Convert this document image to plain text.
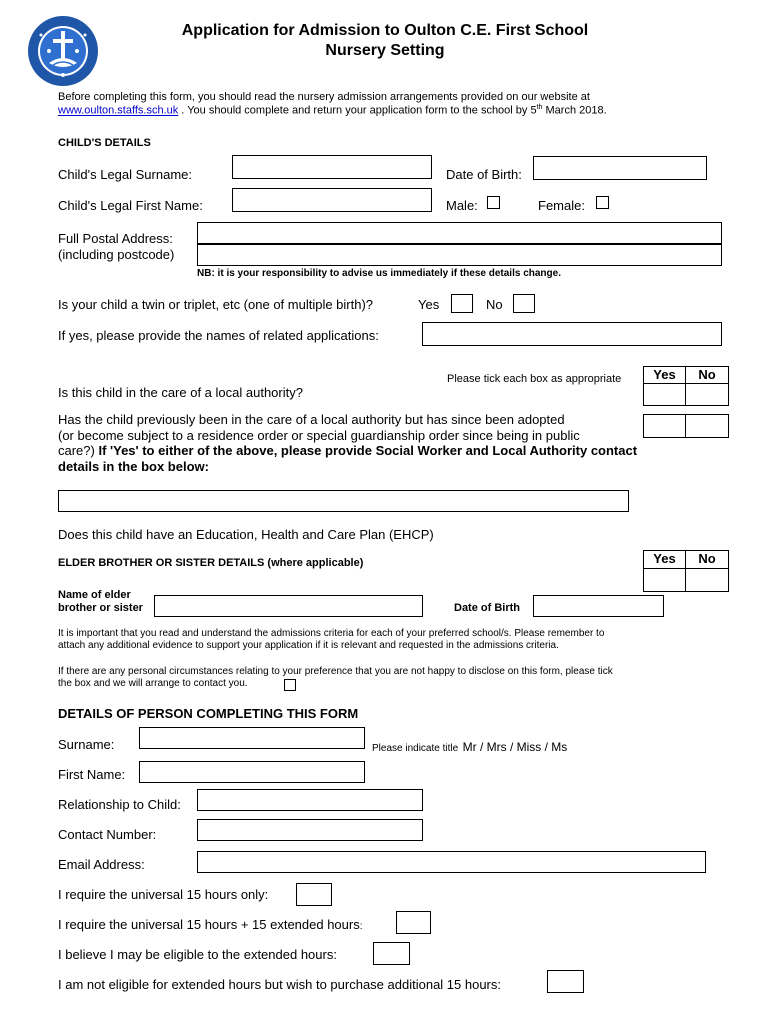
Application for Admission to Oulton C.E. First School
Nursery Setting
Before completing this form, you should read the nursery admission arrangements provided on our website at
www.oulton.staffs.sch.uk . You should complete and return your application form to the school by 5th March 2018.
CHILD'S DETAILS
Child's Legal Surname:	Date of Birth:
Child's Legal First Name:	Male:	Female:
Full Postal Address:
(including postcode)
NB: it is your responsibility to advise us immediately if these details change.
Is your child a twin or triplet, etc (one of multiple birth)?	Yes	No
If yes, please provide the names of related applications:
Please tick each box as appropriate	Yes	No
Is this child in the care of a local authority?
Has the child previously been in the care of a local authority but has since been adopted
(or become subject to a residence order or special guardianship order since being in public
care?) If 'Yes' to either of the above, please provide Social Worker and Local Authority contact
details in the box below:
Does this child have an Education, Health and Care Plan (EHCP)
ELDER BROTHER OR SISTER DETAILS (where applicable)	Yes	No
Name of elder
brother or sister	Date of Birth
It is important that you read and understand the admissions criteria for each of your preferred school/s. Please remember to
attach any additional evidence to support your application if it is relevant and requested in the admissions criteria.
If there are any personal circumstances relating to your preference that you are not happy to disclose on this form, please tick
the box and we will arrange to contact you.
DETAILS OF PERSON COMPLETING THIS FORM
Surname:	Please indicate title Mr / Mrs / Miss / Ms
First Name:
Relationship to Child:
Contact Number:
Email Address:
I require the universal 15 hours only:
I require the universal 15 hours + 15 extended hours:
I believe I may be eligible to the extended hours:
I am not eligible for extended hours but wish to purchase additional 15 hours:
